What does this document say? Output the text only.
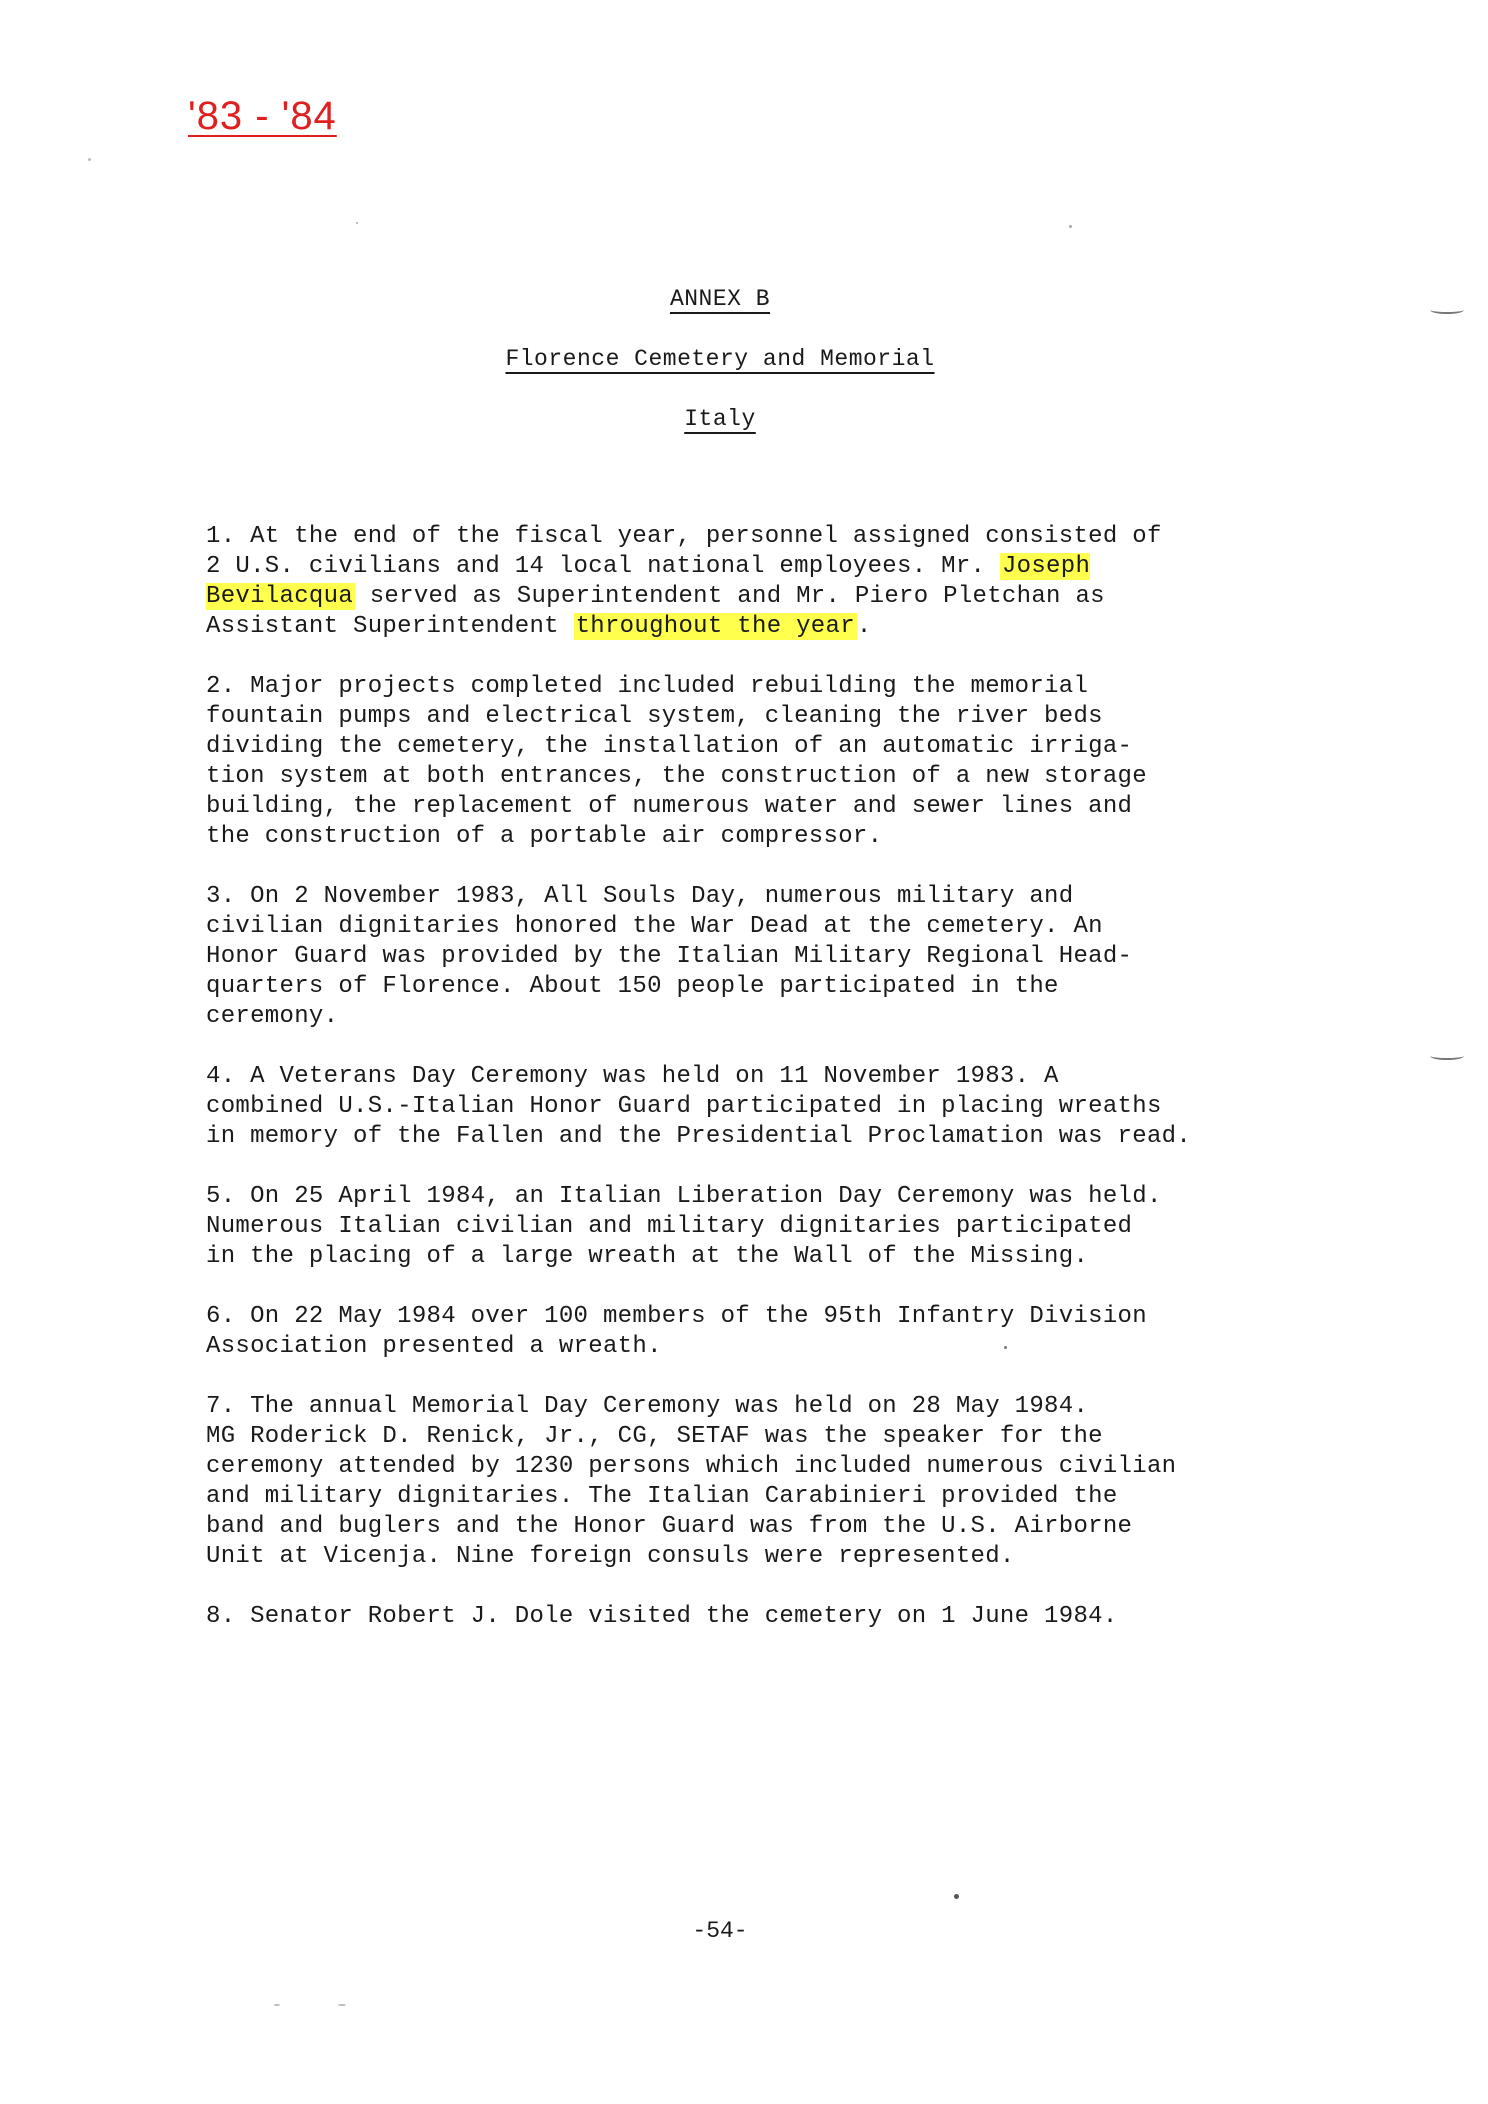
'83 - '84
ANNEX B
Florence Cemetery and Memorial
Italy

1. At the end of the fiscal year, personnel assigned consisted of
2 U.S. civilians and 14 local national employees. Mr. Joseph
Bevilacqua served as Superintendent and Mr. Piero Pletchan as
Assistant Superintendent throughout the year.

2. Major projects completed included rebuilding the memorial
fountain pumps and electrical system, cleaning the river beds
dividing the cemetery, the installation of an automatic irriga-
tion system at both entrances, the construction of a new storage
building, the replacement of numerous water and sewer lines and
the construction of a portable air compressor.

3. On 2 November 1983, All Souls Day, numerous military and
civilian dignitaries honored the War Dead at the cemetery. An
Honor Guard was provided by the Italian Military Regional Head-
quarters of Florence. About 150 people participated in the
ceremony.

4. A Veterans Day Ceremony was held on 11 November 1983. A
combined U.S.-Italian Honor Guard participated in placing wreaths
in memory of the Fallen and the Presidential Proclamation was read.

5. On 25 April 1984, an Italian Liberation Day Ceremony was held.
Numerous Italian civilian and military dignitaries participated
in the placing of a large wreath at the Wall of the Missing.

6. On 22 May 1984 over 100 members of the 95th Infantry Division
Association presented a wreath.

7. The annual Memorial Day Ceremony was held on 28 May 1984.
MG Roderick D. Renick, Jr., CG, SETAF was the speaker for the
ceremony attended by 1230 persons which included numerous civilian
and military dignitaries. The Italian Carabinieri provided the
band and buglers and the Honor Guard was from the U.S. Airborne
Unit at Vicenja. Nine foreign consuls were represented.

8. Senator Robert J. Dole visited the cemetery on 1 June 1984.

-54-
